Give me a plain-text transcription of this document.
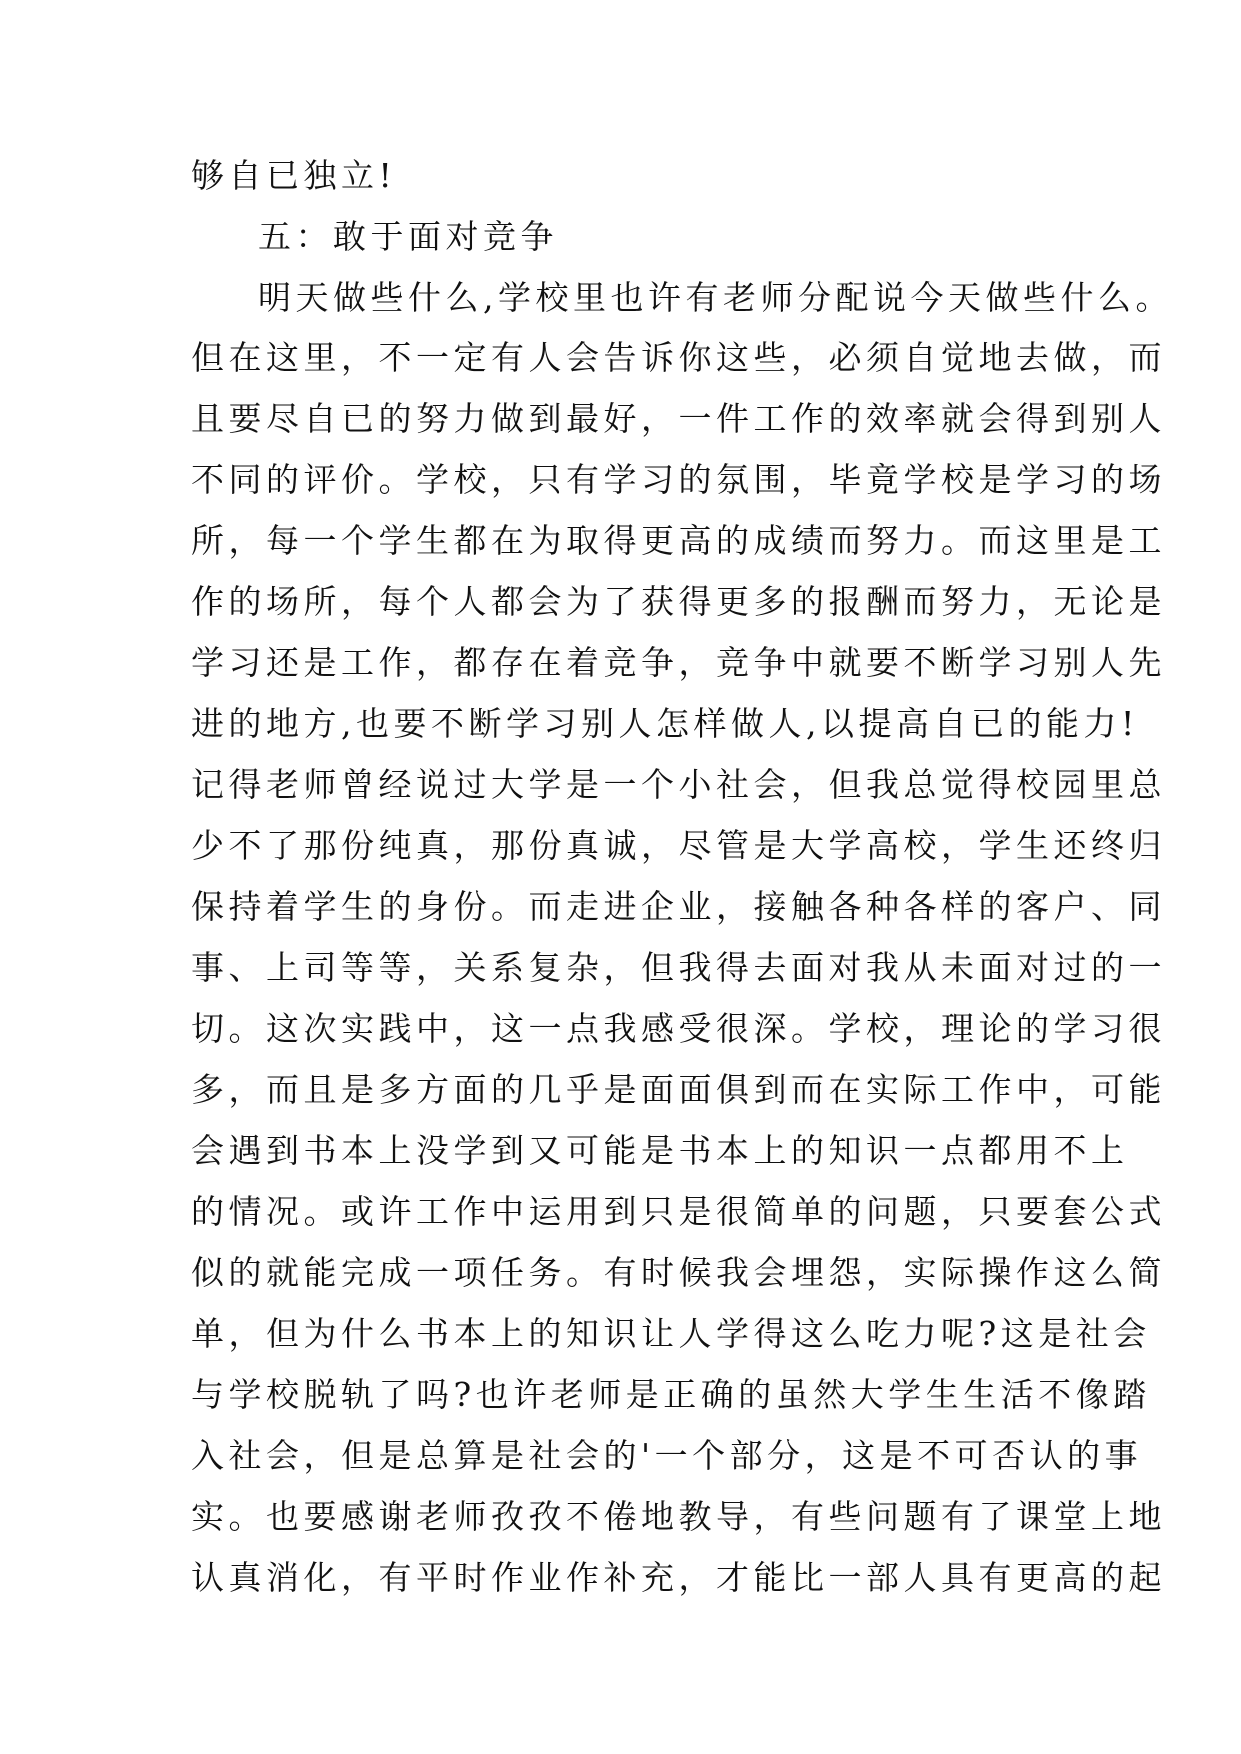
够自已独立!
五：敢于面对竞争
明天做些什么,学校里也许有老师分配说今天做些什么。
但在这里，不一定有人会告诉你这些，必须自觉地去做，而
且要尽自已的努力做到最好，一件工作的效率就会得到别人
不同的评价。学校，只有学习的氛围，毕竟学校是学习的场
所，每一个学生都在为取得更高的成绩而努力。而这里是工
作的场所，每个人都会为了获得更多的报酬而努力，无论是
学习还是工作，都存在着竞争，竞争中就要不断学习别人先
进的地方,也要不断学习别人怎样做人,以提高自已的能力!
记得老师曾经说过大学是一个小社会，但我总觉得校园里总
少不了那份纯真，那份真诚，尽管是大学高校，学生还终归
保持着学生的身份。而走进企业，接触各种各样的客户、同
事、上司等等，关系复杂，但我得去面对我从未面对过的一
切。这次实践中，这一点我感受很深。学校，理论的学习很
多，而且是多方面的几乎是面面俱到而在实际工作中，可能
会遇到书本上没学到又可能是书本上的知识一点都用不上
的情况。或许工作中运用到只是很简单的问题，只要套公式
似的就能完成一项任务。有时候我会埋怨，实际操作这么简
单，但为什么书本上的知识让人学得这么吃力呢?这是社会
与学校脱轨了吗?也许老师是正确的虽然大学生生活不像踏
入社会，但是总算是社会的'一个部分，这是不可否认的事
实。也要感谢老师孜孜不倦地教导，有些问题有了课堂上地
认真消化，有平时作业作补充，才能比一部人具有更高的起
